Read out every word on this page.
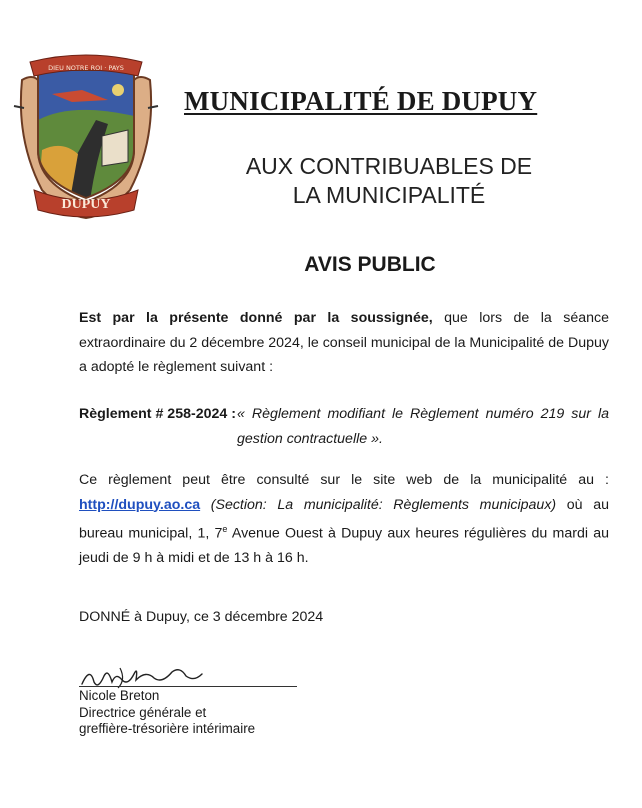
DIEU NOTRE ROI · PAYS
DUPUY
MUNICIPALITÉ DE DUPUY
AUX CONTRIBUABLES DE
LA MUNICIPALITÉ
AVIS PUBLIC
Est par la présente donné par la soussignée, que lors de la séance extraordinaire du 2 décembre 2024, le conseil municipal de la Municipalité de Dupuy a adopté le règlement suivant :
Règlement # 258-2024 : « Règlement modifiant le Règlement numéro 219 sur la gestion contractuelle ».
Ce règlement peut être consulté sur le site web de la municipalité au : http://dupuy.ao.ca (Section: La municipalité: Règlements municipaux) où au bureau municipal, 1, 7e Avenue Ouest à Dupuy aux heures régulières du mardi au jeudi de 9 h à midi et de 13 h à 16 h.
DONNÉ à Dupuy, ce 3 décembre 2024
Nicole Breton
Directrice générale et
greffière-trésorière intérimaire
